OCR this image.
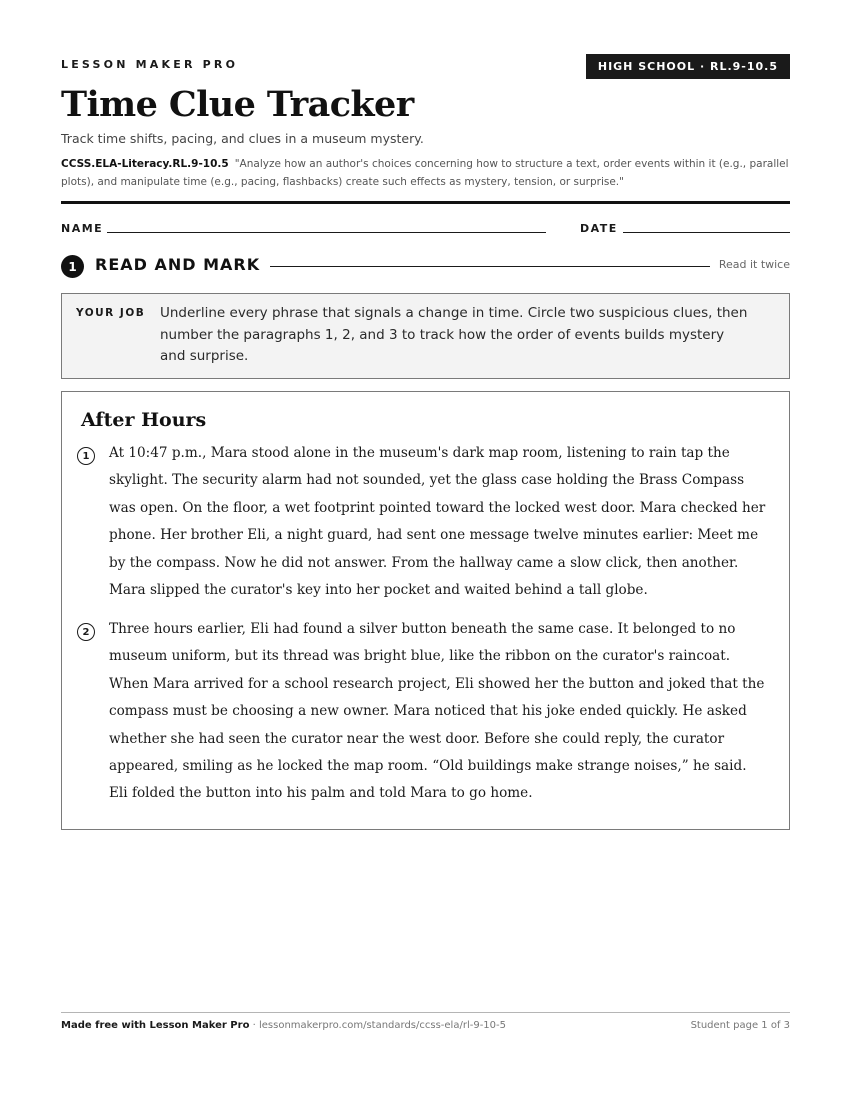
LESSON MAKER PRO	HIGH SCHOOL · RL.9-10.5
Time Clue Tracker
Track time shifts, pacing, and clues in a museum mystery.
CCSS.ELA-Literacy.RL.9-10.5 "Analyze how an author's choices concerning how to structure a text, order events within it (e.g., parallel plots), and manipulate time (e.g., pacing, flashbacks) create such effects as mystery, tension, or surprise."
NAME	DATE
1	READ AND MARK	Read it twice
YOUR JOB Underline every phrase that signals a change in time. Circle two suspicious clues, then number the paragraphs 1, 2, and 3 to track how the order of events builds mystery and surprise.
After Hours
1	At 10:47 p.m., Mara stood alone in the museum's dark map room, listening to rain tap the skylight. The security alarm had not sounded, yet the glass case holding the Brass Compass was open. On the floor, a wet footprint pointed toward the locked west door. Mara checked her phone. Her brother Eli, a night guard, had sent one message twelve minutes earlier: Meet me by the compass. Now he did not answer. From the hallway came a slow click, then another. Mara slipped the curator's key into her pocket and waited behind a tall globe.

2	Three hours earlier, Eli had found a silver button beneath the same case. It belonged to no museum uniform, but its thread was bright blue, like the ribbon on the curator's raincoat. When Mara arrived for a school research project, Eli showed her the button and joked that the compass must be choosing a new owner. Mara noticed that his joke ended quickly. He asked whether she had seen the curator near the west door. Before she could reply, the curator appeared, smiling as he locked the map room. “Old buildings make strange noises,” he said. Eli folded the button into his palm and told Mara to go home.

Made free with Lesson Maker Pro · lessonmakerpro.com/standards/ccss-ela/rl-9-10-5	Student page 1 of 3
